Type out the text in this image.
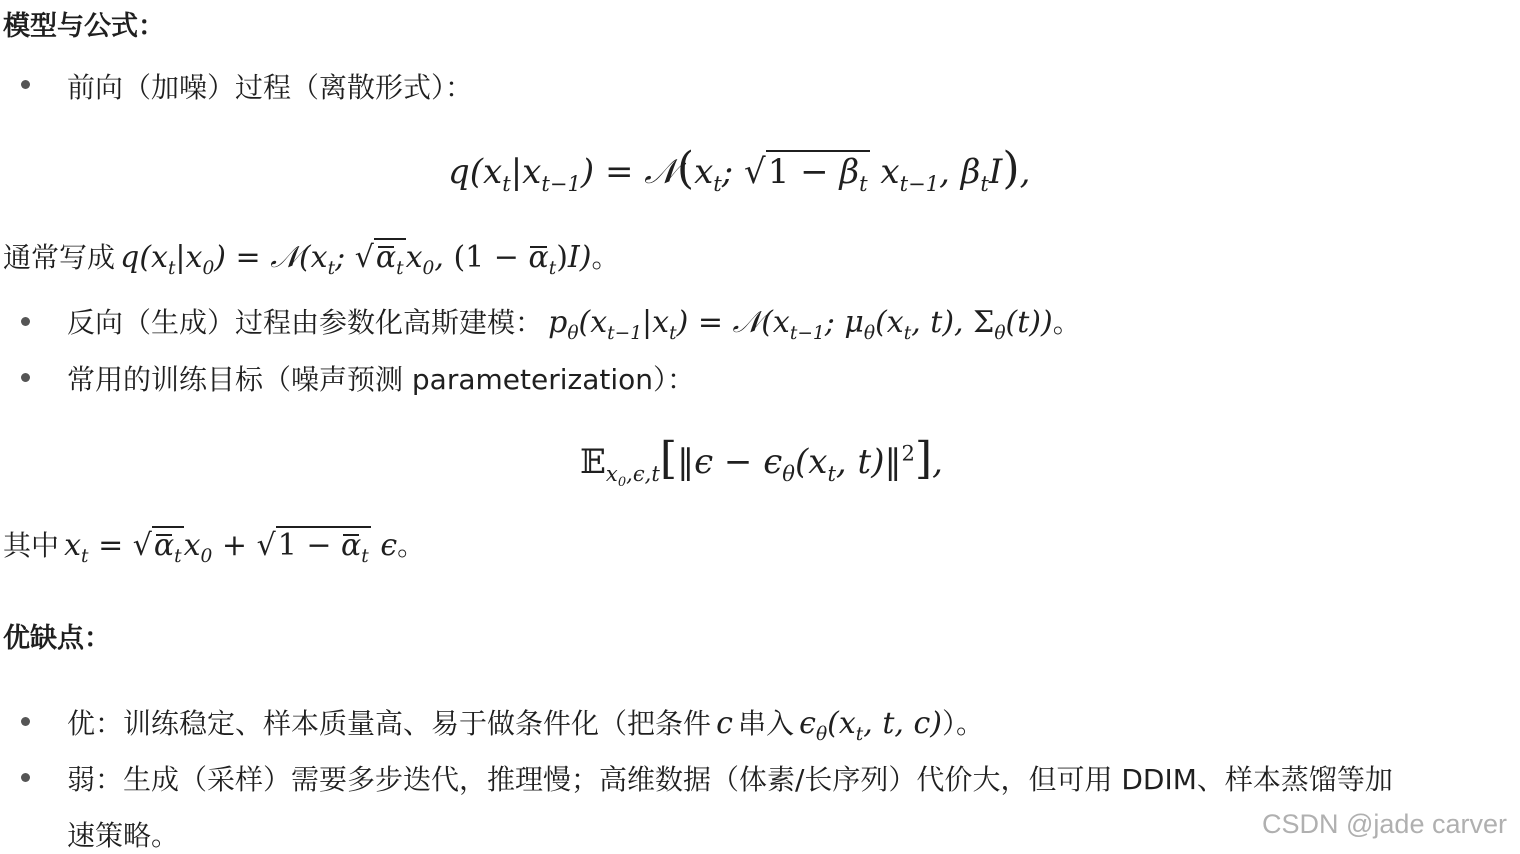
模型与公式：
前向（加噪）过程（离散形式）：
$q(x_t|x_{t-1})$ = $𝒩(x_t$; $√1 - \beta_t$ $x_{t-1}$, $\beta_tI$),
通常写成 $q(x_t|x_0)$ = $𝒩(x_t$; $√\alpha_tx_0$, $(1 - \alpha_t)I$)。
反向（生成）过程由参数化高斯建模： $p_\theta(x_{t-1}|x_t)$ = $𝒩(x_{t-1}$; $\mu_\theta(x_t$, t), $\Sigma_\theta(t)$)。
常用的训练目标（噪声预测 parameterization）：
𝔼$_{x_0,\epsilon,t}$[‖ϵ − $\epsilon_\theta(x_t$, t)‖$^2$],
其中 $x_t = √\alpha_tx_0 + √1 - \alpha_t$ ϵ。
优缺点：
优：训练稳定、样本质量高、易于做条件化（把条件 c 串入 $\epsilon_\theta(x_t$, t, c)）。
弱：生成（采样）需要多步迭代，推理慢；高维数据（体素/长序列）代价大，但可用 DDIM、样本蒸馏等加
速策略。	CSDN @jade carver
